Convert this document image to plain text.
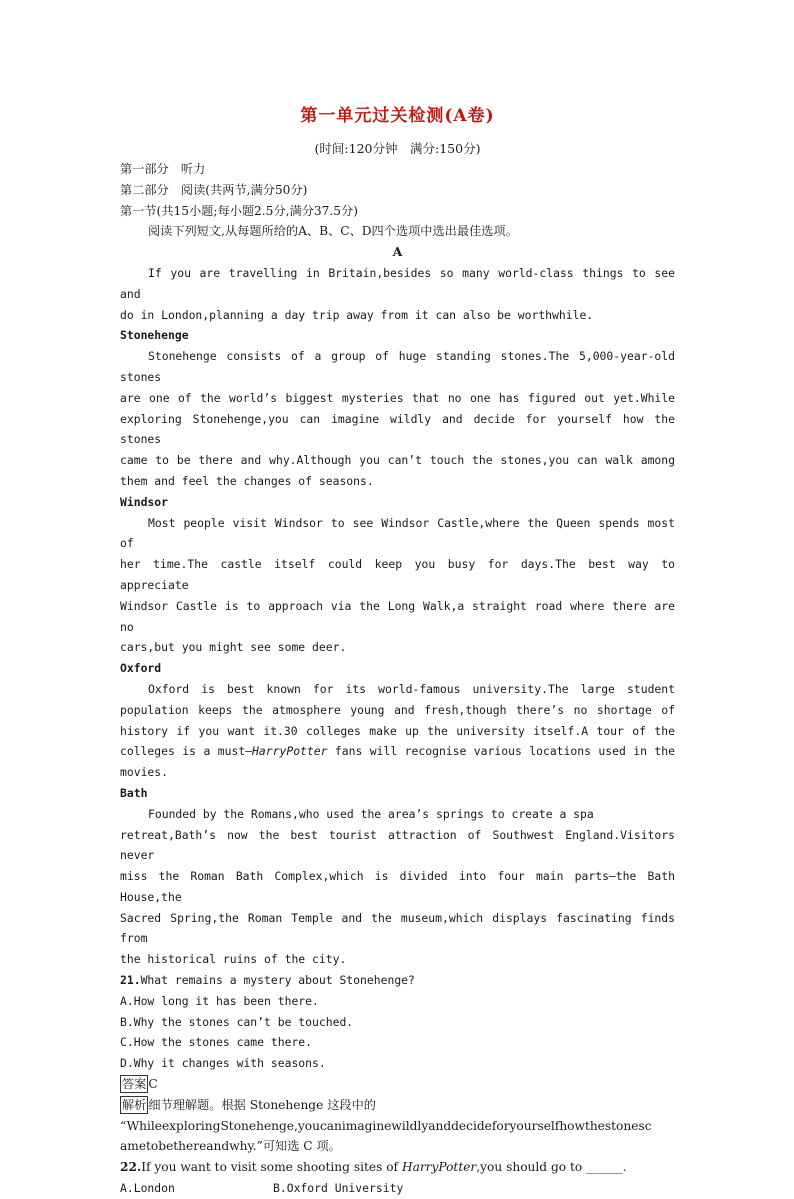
第一单元过关检测(A卷)
(时间:120分钟　满分:150分)
第一部分　听力
第二部分　阅读(共两节,满分50分)
第一节(共15小题;每小题2.5分,满分37.5分)
阅读下列短文,从每题所给的A、B、C、D四个选项中选出最佳选项。
A
If you are travelling in Britain,besides so many world-class things to see and
do in London,planning a day trip away from it can also be worthwhile.
Stonehenge
Stonehenge consists of a group of huge standing stones.The 5,000-year-old stones
are one of the world’s biggest mysteries that no one has figured out yet.While
exploring Stonehenge,you can imagine wildly and decide for yourself how the stones
came to be there and why.Although you can’t touch the stones,you can walk among
them and feel the changes of seasons.
Windsor
Most people visit Windsor to see Windsor Castle,where the Queen spends most of
her time.The castle itself could keep you busy for days.The best way to appreciate
Windsor Castle is to approach via the Long Walk,a straight road where there are no
cars,but you might see some deer.
Oxford
Oxford is best known for its world-famous university.The large student
population keeps the atmosphere young and fresh,though there’s no shortage of
history if you want it.30 colleges make up the university itself.A tour of the
colleges is a must—HarryPotter fans will recognise various locations used in the
movies.
Bath
Founded by the Romans,who used the area’s springs to create a spa
retreat,Bath’s now the best tourist attraction of Southwest England.Visitors never
miss the Roman Bath Complex,which is divided into four main parts—the Bath House,the
Sacred Spring,the Roman Temple and the museum,which displays fascinating finds from
the historical ruins of the city.
21.What remains a mystery about Stonehenge?
A.How long it has been there.
B.Why the stones can’t be touched.
C.How the stones came there.
D.Why it changes with seasons.
答案 C
解析 细节理解题。根据 Stonehenge 这段中的
“WhileexploringStonehenge,youcanimaginewildlyanddecideforyourselfhowthestonesc
ametobethereandwhy.”可知选 C 项。
22.If you want to visit some shooting sites of HarryPotter,you should go to ______.
A.London	B.Oxford University
